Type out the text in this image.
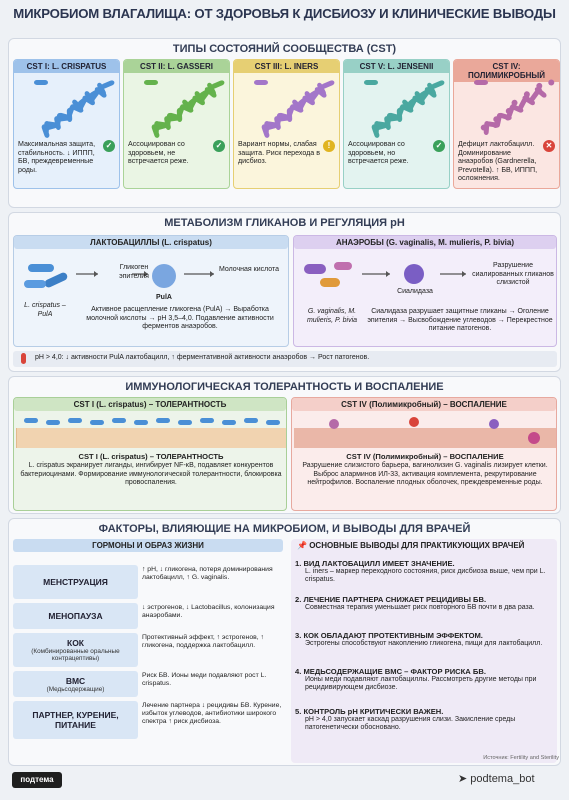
МИКРОБИОМ ВЛАГАЛИЩА: ОТ ЗДОРОВЬЯ К ДИСБИОЗУ И КЛИНИЧЕСКИЕ ВЫВОДЫ
ТИПЫ СОСТОЯНИЙ СООБЩЕСТВА (CST)
CST I: L. CRISPATUS
Максимальная защита, стабильность. ↓ ИППП, БВ, преждевременные роды.
✓
CST II: L. GASSERI
Ассоциирован со здоровьем, не встречается реже.
✓
CST III: L. INERS
Вариант нормы, слабая защита. Риск перехода в дисбиоз.
!
CST V: L. JENSENII
Ассоциирован со здоровьем, но встречается реже.
✓
CST IV: ПОЛИМИКРОБНЫЙ
Дефицит лактобацилл. Доминирование анаэробов (Gardnerella, Prevotella). ↑ БВ, ИППП, осложнения.
✕
МЕТАБОЛИЗМ ГЛИКАНОВ И РЕГУЛЯЦИЯ pH
ЛАКТОБАЦИЛЛЫ (L. crispatus)
Гликоген эпителия
PulA
Молочная кислота
L. crispatus – PulA
Активное расщепление гликогена (PulA) → Выработка молочной кислоты → pH 3,5–4,0. Подавление активности ферментов анаэробов.
АНАЭРОБЫ (G. vaginalis, M. mulieris, P. bivia)
Сиалидаза
Разрушение сиалированных гликанов слизистой
G. vaginalis, M. mulieris, P. bivia
Сиалидаза разрушает защитные гликаны → Оголение эпителия → Высвобождение углеводов → Перекрестное питание патогенов.
pH > 4,0: ↓ активности PulA лактобацилл, ↑ ферментативной активности анаэробов → Рост патогенов.
ИММУНОЛОГИЧЕСКАЯ ТОЛЕРАНТНОСТЬ И ВОСПАЛЕНИЕ
CST I (L. crispatus) – ТОЛЕРАНТНОСТЬ
CST I (L. crispatus) – ТОЛЕРАНТНОСТЬ
L. crispatus экранирует лиганды, ингибирует NF-κB, подавляет конкурентов бактериоцинами. Формирование иммунологической толерантности, блокировка провоспаления.
CST IV (Полимикробный) – ВОСПАЛЕНИЕ
CST IV (Полимикробный) – ВОСПАЛЕНИЕ
Разрушение слизистого барьера, вагинолизин G. vaginalis лизирует клетки. Выброс аларминов ИЛ-33, активация комплемента, рекрутирование нейтрофилов. Воспаление плодных оболочек, преждевременные роды.
ФАКТОРЫ, ВЛИЯЮЩИЕ НА МИКРОБИОМ, И ВЫВОДЫ ДЛЯ ВРАЧЕЙ
ГОРМОНЫ И ОБРАЗ ЖИЗНИ	📌 ОСНОВНЫЕ ВЫВОДЫ ДЛЯ ПРАКТИКУЮЩИХ ВРАЧЕЙ
Источник: Fertility and Sterility
МЕНСТРУАЦИЯ
↑ pH, ↓ гликогена, потеря доминирования лактобацилл, ↑ G. vaginalis.
МЕНОПАУЗА
↓ эстрогенов, ↓ Lactobacillus, колонизация анаэробами.
КОК
(Комбинированные оральные контрацептивы)
Протективный эффект, ↑ эстрогенов, ↑ гликогена, поддержка лактобацилл.
ВМС
(Медьсодержащие)
Риск БВ. Ионы меди подавляют рост L. crispatus.
ПАРТНЕР, КУРЕНИЕ, ПИТАНИЕ
Лечение партнера ↓ рецидивы БВ. Курение, избыток углеводов, антибиотики широкого спектра ↑ риск дисбиоза.
1. ВИД ЛАКТОБАЦИЛЛ ИМЕЕТ ЗНАЧЕНИЕ.
L. iners – маркер переходного состояния, риск дисбиоза выше, чем при L. crispatus.
2. ЛЕЧЕНИЕ ПАРТНЕРА СНИЖАЕТ РЕЦИДИВЫ БВ.
Совместная терапия уменьшает риск повторного БВ почти в два раза.
3. КОК ОБЛАДАЮТ ПРОТЕКТИВНЫМ ЭФФЕКТОМ.
Эстрогены способствуют накоплению гликогена, пищи для лактобацилл.
4. МЕДЬСОДЕРЖАЩИЕ ВМС – ФАКТОР РИСКА БВ.
Ионы меди подавляют лактобациллы. Рассмотреть другие методы при рецидивирующем дисбиозе.
5. КОНТРОЛЬ pH КРИТИЧЕСКИ ВАЖЕН.
pH > 4,0 запускает каскад разрушения слизи. Закисление среды патогенетически обосновано.
подтема	➤ podtema_bot
